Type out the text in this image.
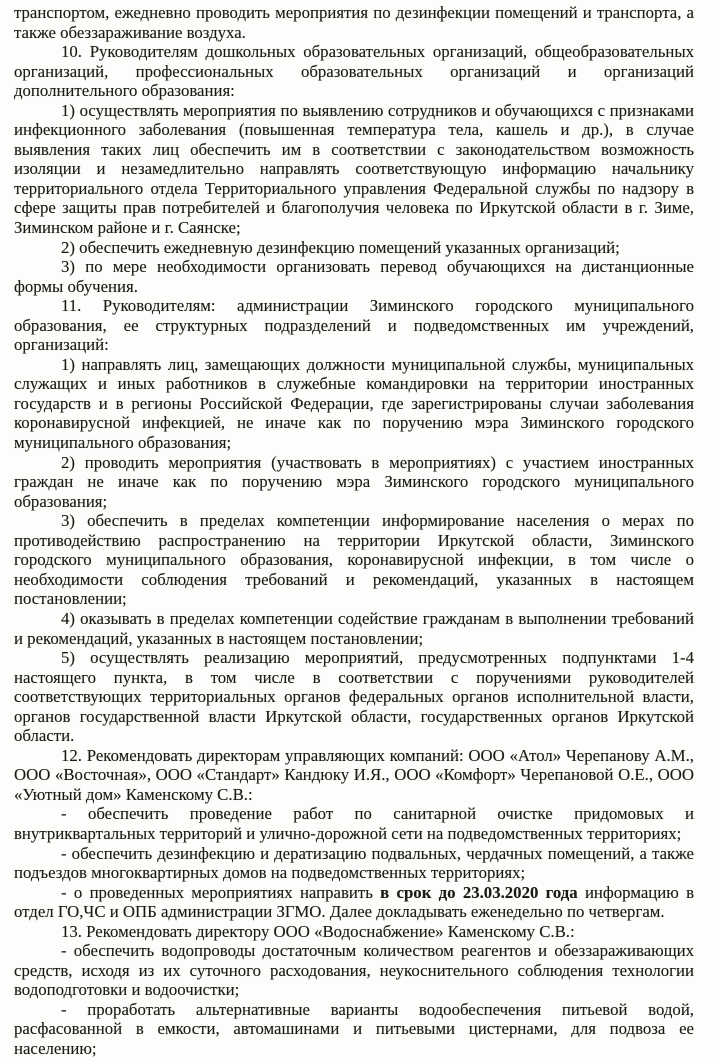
транспортом, ежедневно проводить мероприятия по дезинфекции помещений и транспорта, а также обеззараживание воздуха.

10. Руководителям дошкольных образовательных организаций, общеобразовательных организаций, профессиональных образовательных организаций и организаций дополнительного образования:

1) осуществлять мероприятия по выявлению сотрудников и обучающихся с признаками инфекционного заболевания (повышенная температура тела, кашель и др.), в случае выявления таких лиц обеспечить им в соответствии с законодательством возможность изоляции и незамедлительно направлять соответствующую информацию начальнику территориального отдела Территориального управления Федеральной службы по надзору в сфере защиты прав потребителей и благополучия человека по Иркутской области в г. Зиме, Зиминском районе и г. Саянске;

2) обеспечить ежедневную дезинфекцию помещений указанных организаций;

3) по мере необходимости организовать перевод обучающихся на дистанционные формы обучения.

11. Руководителям: администрации Зиминского городского муниципального образования, ее структурных подразделений и подведомственных им учреждений, организаций:

1) направлять лиц, замещающих должности муниципальной службы, муниципальных служащих и иных работников в служебные командировки на территории иностранных государств и в регионы Российской Федерации, где зарегистрированы случаи заболевания коронавирусной инфекцией, не иначе как по поручению мэра Зиминского городского муниципального образования;

2) проводить мероприятия (участвовать в мероприятиях) с участием иностранных граждан не иначе как по поручению мэра Зиминского городского муниципального образования;

3) обеспечить в пределах компетенции информирование населения о мерах по противодействию распространению на территории Иркутской области, Зиминского городского муниципального образования, коронавирусной инфекции, в том числе о необходимости соблюдения требований и рекомендаций, указанных в настоящем постановлении;

4) оказывать в пределах компетенции содействие гражданам в выполнении требований и рекомендаций, указанных в настоящем постановлении;

5) осуществлять реализацию мероприятий, предусмотренных подпунктами 1-4 настоящего пункта, в том числе в соответствии с поручениями руководителей соответствующих территориальных органов федеральных органов исполнительной власти, органов государственной власти Иркутской области, государственных органов Иркутской области.

12. Рекомендовать директорам управляющих компаний: ООО «Атол» Черепанову А.М., ООО «Восточная», ООО «Стандарт» Кандюку И.Я., ООО «Комфорт» Черепановой О.Е., ООО «Уютный дом» Каменскому С.В.:

- обеспечить проведение работ по санитарной очистке придомовых и внутриквартальных территорий и улично-дорожной сети на подведомственных территориях;

- обеспечить дезинфекцию и дератизацию подвальных, чердачных помещений, а также подъездов многоквартирных домов на подведомственных территориях;

- о проведенных мероприятиях направить в срок до 23.03.2020 года информацию в отдел ГО,ЧС и ОПБ администрации ЗГМО. Далее докладывать еженедельно по четвергам.

13. Рекомендовать директору ООО «Водоснабжение» Каменскому С.В.:

- обеспечить водопроводы достаточным количеством реагентов и обеззараживающих средств, исходя из их суточного расходования, неукоснительного соблюдения технологии водоподготовки и водоочистки;

- проработать альтернативные варианты водообеспечения питьевой водой, расфасованной в емкости, автомашинами и питьевыми цистернами, для подвоза ее населению;
